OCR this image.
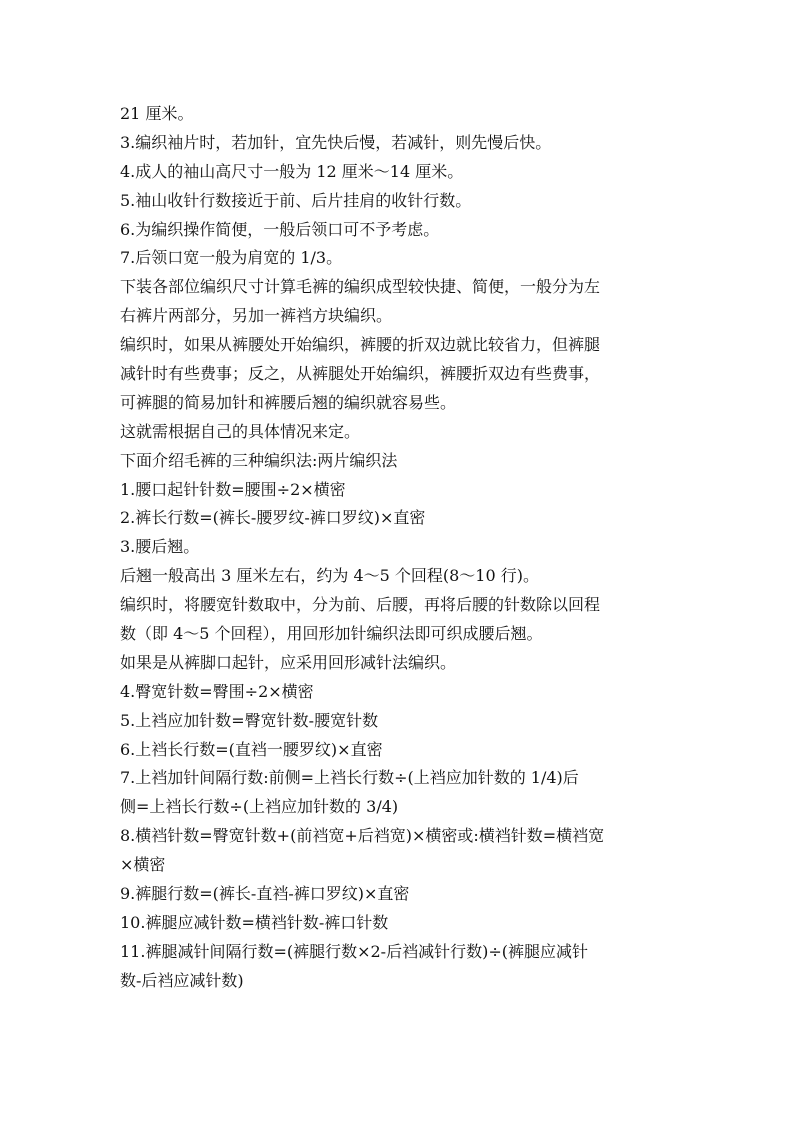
21 厘米。
3.编织袖片时，若加针，宜先快后慢，若减针，则先慢后快。
4.成人的袖山高尺寸一般为 12 厘米～14 厘米。
5.袖山收针行数接近于前、后片挂肩的收针行数。
6.为编织操作简便，一般后领口可不予考虑。
7.后领口宽一般为肩宽的 1/3。
下装各部位编织尺寸计算毛裤的编织成型较快捷、简便，一般分为左
右裤片两部分，另加一裤裆方块编织。
编织时，如果从裤腰处开始编织，裤腰的折双边就比较省力，但裤腿
减针时有些费事；反之，从裤腿处开始编织，裤腰折双边有些费事，
可裤腿的简易加针和裤腰后翘的编织就容易些。
这就需根据自己的具体情况来定。
下面介绍毛裤的三种编织法:两片编织法
1.腰口起针针数=腰围÷2×横密
2.裤长行数=(裤长-腰罗纹-裤口罗纹)×直密
3.腰后翘。
后翘一般高出 3 厘米左右，约为 4～5 个回程(8～10 行)。
编织时，将腰宽针数取中，分为前、后腰，再将后腰的针数除以回程
数（即 4～5 个回程），用回形加针编织法即可织成腰后翘。
如果是从裤脚口起针，应采用回形减针法编织。
4.臀宽针数=臀围÷2×横密
5.上裆应加针数=臀宽针数-腰宽针数
6.上裆长行数=(直裆一腰罗纹)×直密
7.上裆加针间隔行数:前侧=上裆长行数÷(上裆应加针数的 1/4)后
侧=上裆长行数÷(上裆应加针数的 3/4)
8.横裆针数=臀宽针数+(前裆宽+后裆宽)×横密或:横裆针数=横裆宽
×横密
9.裤腿行数=(裤长-直裆-裤口罗纹)×直密
10.裤腿应减针数=横裆针数-裤口针数
11.裤腿减针间隔行数=(裤腿行数×2-后裆减针行数)÷(裤腿应减针
数-后裆应减针数)
